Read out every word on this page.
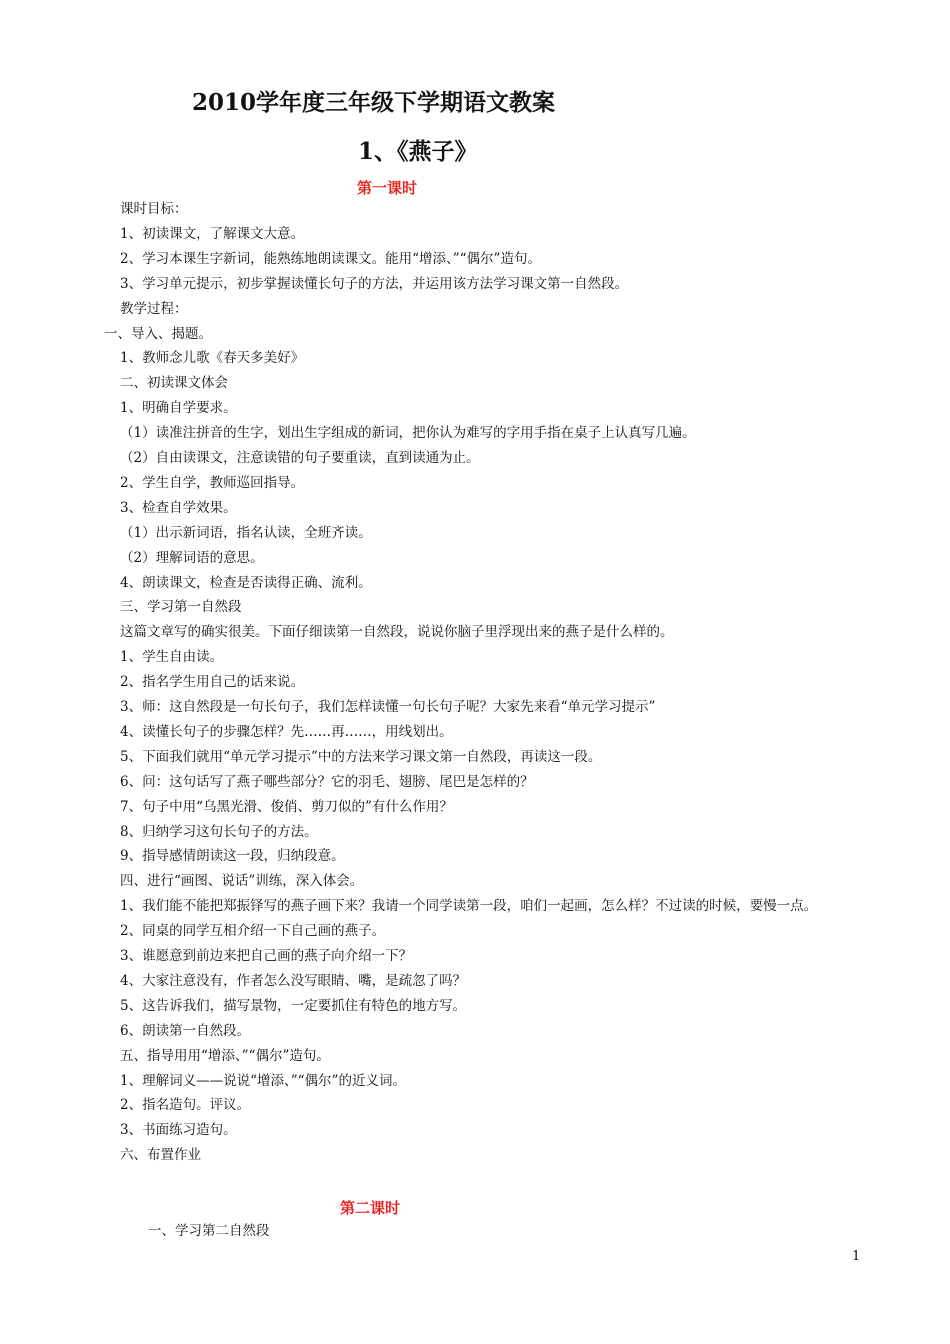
2010学年度三年级下学期语文教案
1、《燕子》
第一课时
课时目标：
1、初读课文，了解课文大意。
2、学习本课生字新词，能熟练地朗读课文。能用“增添、”“偶尔”造句。
3、学习单元提示，初步掌握读懂长句子的方法，并运用该方法学习课文第一自然段。
教学过程：
一、导入、揭题。
1、教师念儿歌《春天多美好》
二、初读课文体会
1、明确自学要求。
（1）读准注拼音的生字，划出生字组成的新词，把你认为难写的字用手指在桌子上认真写几遍。
（2）自由读课文，注意读错的句子要重读，直到读通为止。
2、学生自学，教师巡回指导。
3、检查自学效果。
（1）出示新词语，指名认读，全班齐读。
（2）理解词语的意思。
4、朗读课文，检查是否读得正确、流利。
三、学习第一自然段
这篇文章写的确实很美。下面仔细读第一自然段，说说你脑子里浮现出来的燕子是什么样的。
1、学生自由读。
2、指名学生用自己的话来说。
3、师：这自然段是一句长句子，我们怎样读懂一句长句子呢？大家先来看“单元学习提示”
4、读懂长句子的步骤怎样？先……再……，用线划出。
5、下面我们就用“单元学习提示”中的方法来学习课文第一自然段，再读这一段。
6、问：这句话写了燕子哪些部分？它的羽毛、翅膀、尾巴是怎样的？
7、句子中用“乌黑光滑、俊俏、剪刀似的”有什么作用？
8、归纳学习这句长句子的方法。
9、指导感情朗读这一段，归纳段意。
四、进行“画图、说话”训练，深入体会。
1、我们能不能把郑振铎写的燕子画下来？我请一个同学读第一段，咱们一起画，怎么样？不过读的时候，要慢一点。
2、同桌的同学互相介绍一下自己画的燕子。
3、谁愿意到前边来把自己画的燕子向介绍一下？
4、大家注意没有，作者怎么没写眼睛、嘴，是疏忽了吗？
5、这告诉我们，描写景物，一定要抓住有特色的地方写。
6、朗读第一自然段。
五、指导用用“增添、”“偶尔”造句。
1、理解词义——说说“增添、”“偶尔”的近义词。
2、指名造句。评议。
3、书面练习造句。
六、布置作业
第二课时
一、学习第二自然段
1
